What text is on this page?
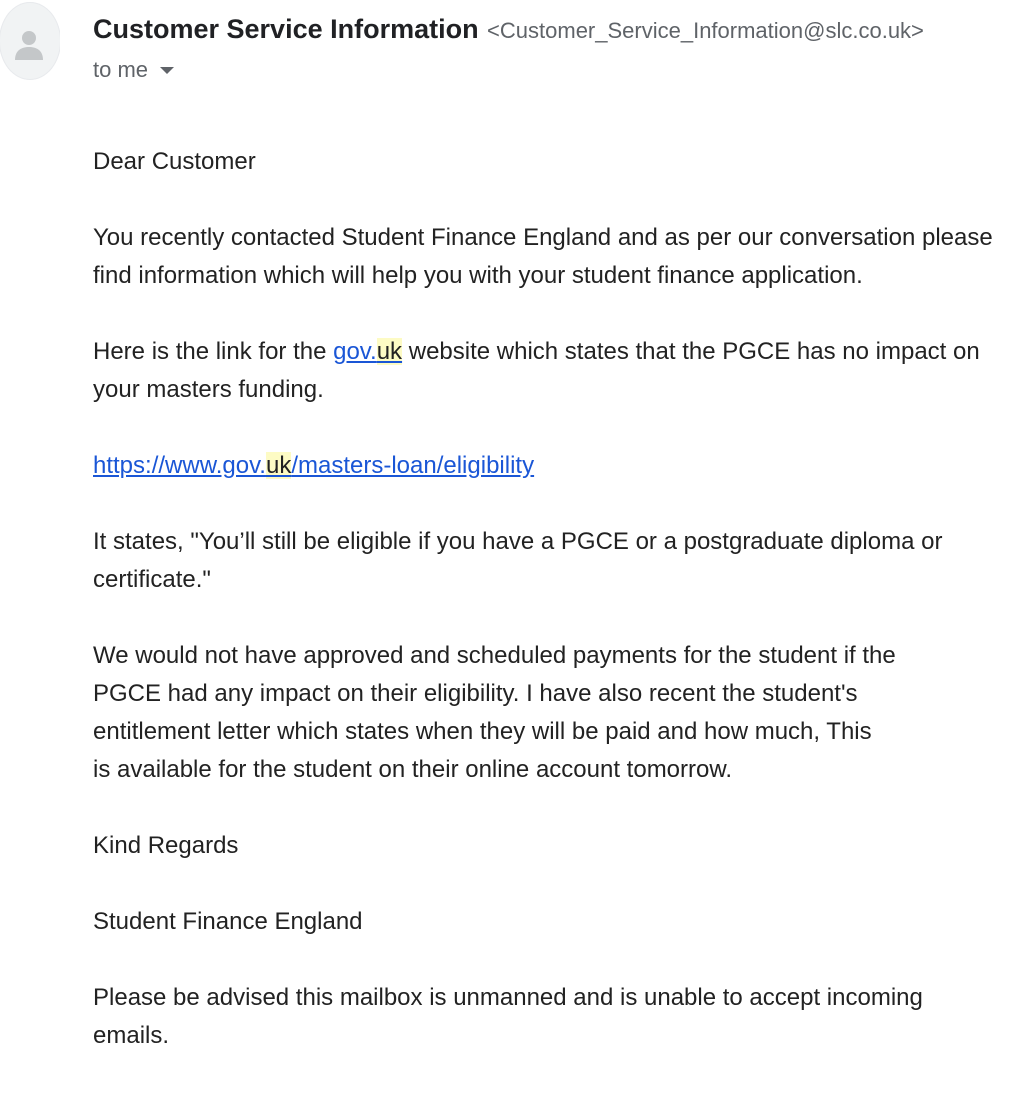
Customer Service Information <Customer_Service_Information@slc.co.uk>
to me

Dear Customer

You recently contacted Student Finance England and as per our conversation please find information which will help you with your student finance application.

Here is the link for the gov.uk website which states that the PGCE has no impact on your masters funding.

https://www.gov.uk/masters-loan/eligibility

It states, "You’ll still be eligible if you have a PGCE or a postgraduate diploma or certificate."

We would not have approved and scheduled payments for the student if the
PGCE had any impact on their eligibility. I have also recent the student's
entitlement letter which states when they will be paid and how much, This
is available for the student on their online account tomorrow.

Kind Regards

Student Finance England

Please be advised this mailbox is unmanned and is unable to accept incoming emails.
